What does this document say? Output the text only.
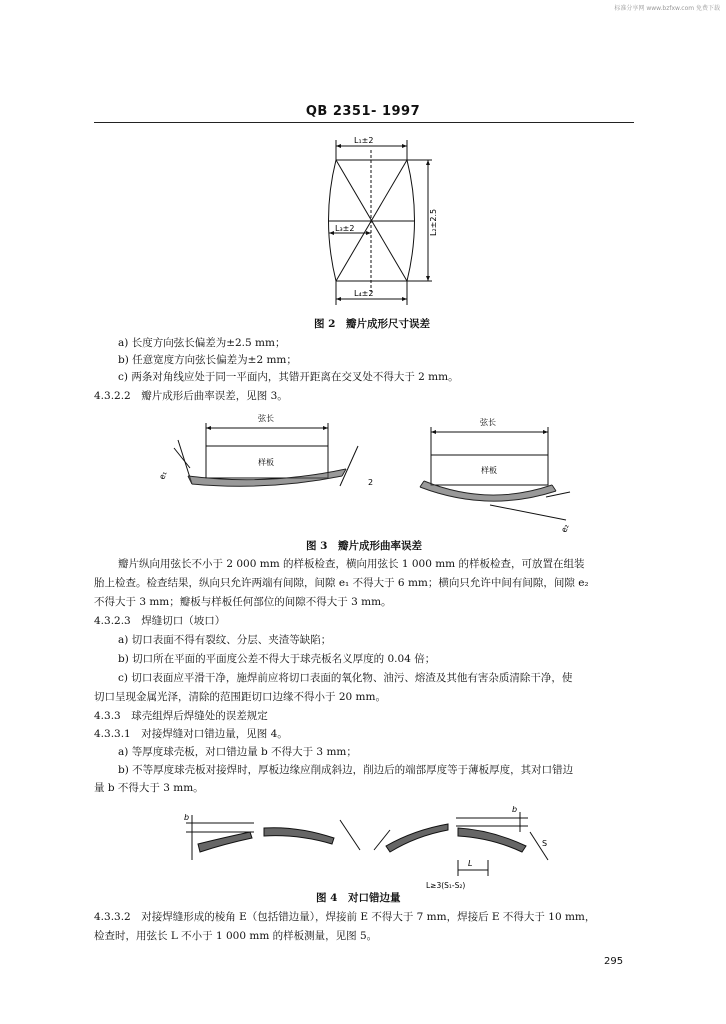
标准分享网 www.bzfxw.com 免费下载
QB 2351- 1997
L₁±2
L₃±2
L₄±2
L₂±2.5
图 2　瓣片成形尺寸误差
a) 长度方向弦长偏差为±2.5 mm；
b) 任意宽度方向弦长偏差为±2 mm；
c) 两条对角线应处于同一平面内，其错开距离在交叉处不得大于 2 mm。
4.3.2.2　瓣片成形后曲率误差，见图 3。
弦长	弦长
样板
样板
e₁
2
e₂
图 3　瓣片成形曲率误差
瓣片纵向用弦长不小于 2 000 mm 的样板检查，横向用弦长 1 000 mm 的样板检查，可放置在组装
胎上检查。检查结果，纵向只允许两端有间隙，间隙 e₁ 不得大于 6 mm；横向只允许中间有间隙，间隙 e₂
不得大于 3 mm；瓣板与样板任何部位的间隙不得大于 3 mm。
4.3.2.3　焊缝切口（坡口）
a) 切口表面不得有裂纹、分层、夹渣等缺陷；
b) 切口所在平面的平面度公差不得大于球壳板名义厚度的 0.04 倍；
c) 切口表面应平滑干净，施焊前应将切口表面的氧化物、油污、熔渣及其他有害杂质清除干净，使
切口呈现金属光泽，清除的范围距切口边缘不得小于 20 mm。
4.3.3　球壳组焊后焊缝处的误差规定
4.3.3.1　对接焊缝对口错边量，见图 4。
a) 等厚度球壳板，对口错边量 b 不得大于 3 mm；
b) 不等厚度球壳板对接焊时，厚板边缘应削成斜边，削边后的端部厚度等于薄板厚度，其对口错边
量 b 不得大于 3 mm。
b
b
S
L
L≥3(S₁-S₂)
图 4　对口错边量
4.3.3.2　对接焊缝形成的棱角 E（包括错边量），焊接前 E 不得大于 7 mm，焊接后 E 不得大于 10 mm，
检查时，用弦长 L 不小于 1 000 mm 的样板测量，见图 5。
295
